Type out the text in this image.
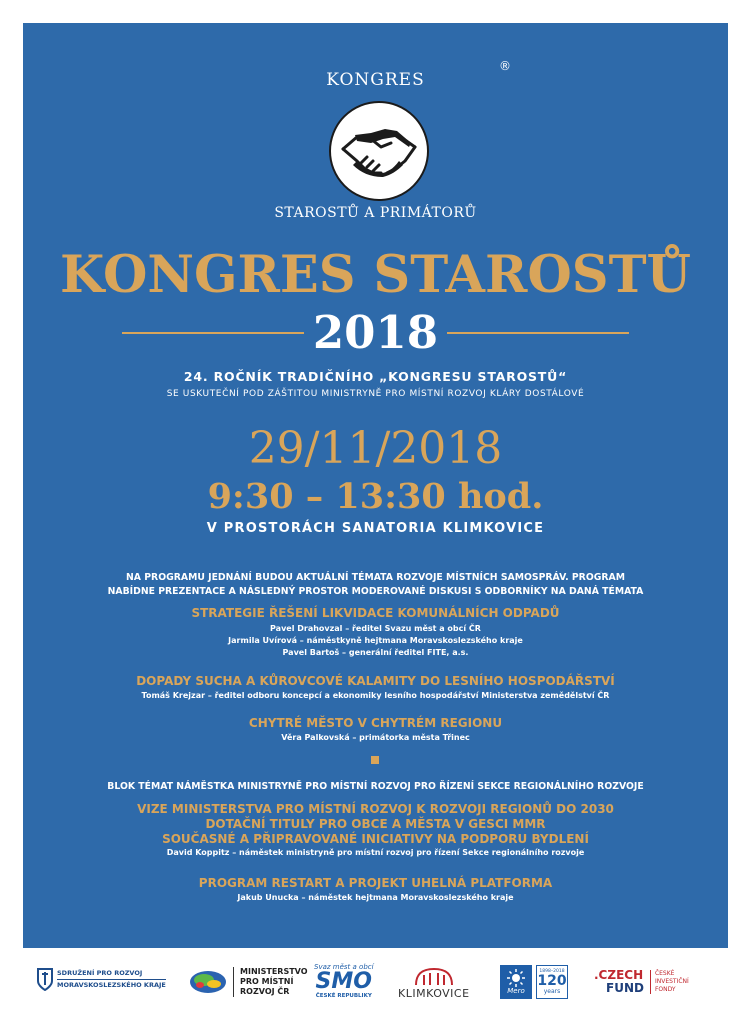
KONGRES
®
STAROSTŮ A PRIMÁTORŮ
KONGRES STAROSTŮ
2018
24. ROČNÍK TRADIČNÍHO „KONGRESU STAROSTŮ“
SE USKUTEČNÍ POD ZÁŠTITOU MINISTRYNĚ PRO MÍSTNÍ ROZVOJ KLÁRY DOSTÁLOVÉ
29/11/2018
9:30 – 13:30 hod.
V PROSTORÁCH SANATORIA KLIMKOVICE
NA PROGRAMU JEDNÁNÍ BUDOU AKTUÁLNÍ TÉMATA ROZVOJE MÍSTNÍCH SAMOSPRÁV. PROGRAM
NABÍDNE PREZENTACE A NÁSLEDNÝ PROSTOR MODEROVANÉ DISKUSI S ODBORNÍKY NA DANÁ TÉMATA
STRATEGIE ŘEŠENÍ LIKVIDACE KOMUNÁLNÍCH ODPADŮ
Pavel Drahovzal – ředitel Svazu měst a obcí ČR
Jarmila Uvírová – náměstkyně hejtmana Moravskoslezského kraje
Pavel Bartoš – generální ředitel FITE, a.s.
DOPADY SUCHA A KŮROVCOVÉ KALAMITY DO LESNÍHO HOSPODÁŘSTVÍ
Tomáš Krejzar – ředitel odboru koncepcí a ekonomiky lesního hospodářství Ministerstva zemědělství ČR
CHYTRÉ MĚSTO V CHYTRÉM REGIONU
Věra Palkovská – primátorka města Třinec
BLOK TÉMAT NÁMĚSTKA MINISTRYNĚ PRO MÍSTNÍ ROZVOJ PRO ŘÍZENÍ SEKCE REGIONÁLNÍHO ROZVOJE
VIZE MINISTERSTVA PRO MÍSTNÍ ROZVOJ K ROZVOJI REGIONŮ DO 2030
DOTAČNÍ TITULY PRO OBCE A MĚSTA V GESCI MMR
SOUČASNÉ A PŘIPRAVOVANÉ INICIATIVY NA PODPORU BYDLENÍ
David Koppitz – náměstek ministryně pro místní rozvoj pro řízení Sekce regionálního rozvoje
PROGRAM RESTART A PROJEKT UHELNÁ PLATFORMA
Jakub Unucka – náměstek hejtmana Moravskoslezského kraje
SDRUŽENÍ PRO ROZVOJ
MORAVSKOSLEZSKÉHO KRAJE
MINISTERSTVO
PRO MÍSTNÍ
ROZVOJ ČR
Svaz měst a obcí
SMO
ČESKÉ REPUBLIKY KLIMKOVICE	Mero
1898–2018
120
years
.CZECH
FUND
ČESKÉ
INVESTIČNÍ
FONDY
